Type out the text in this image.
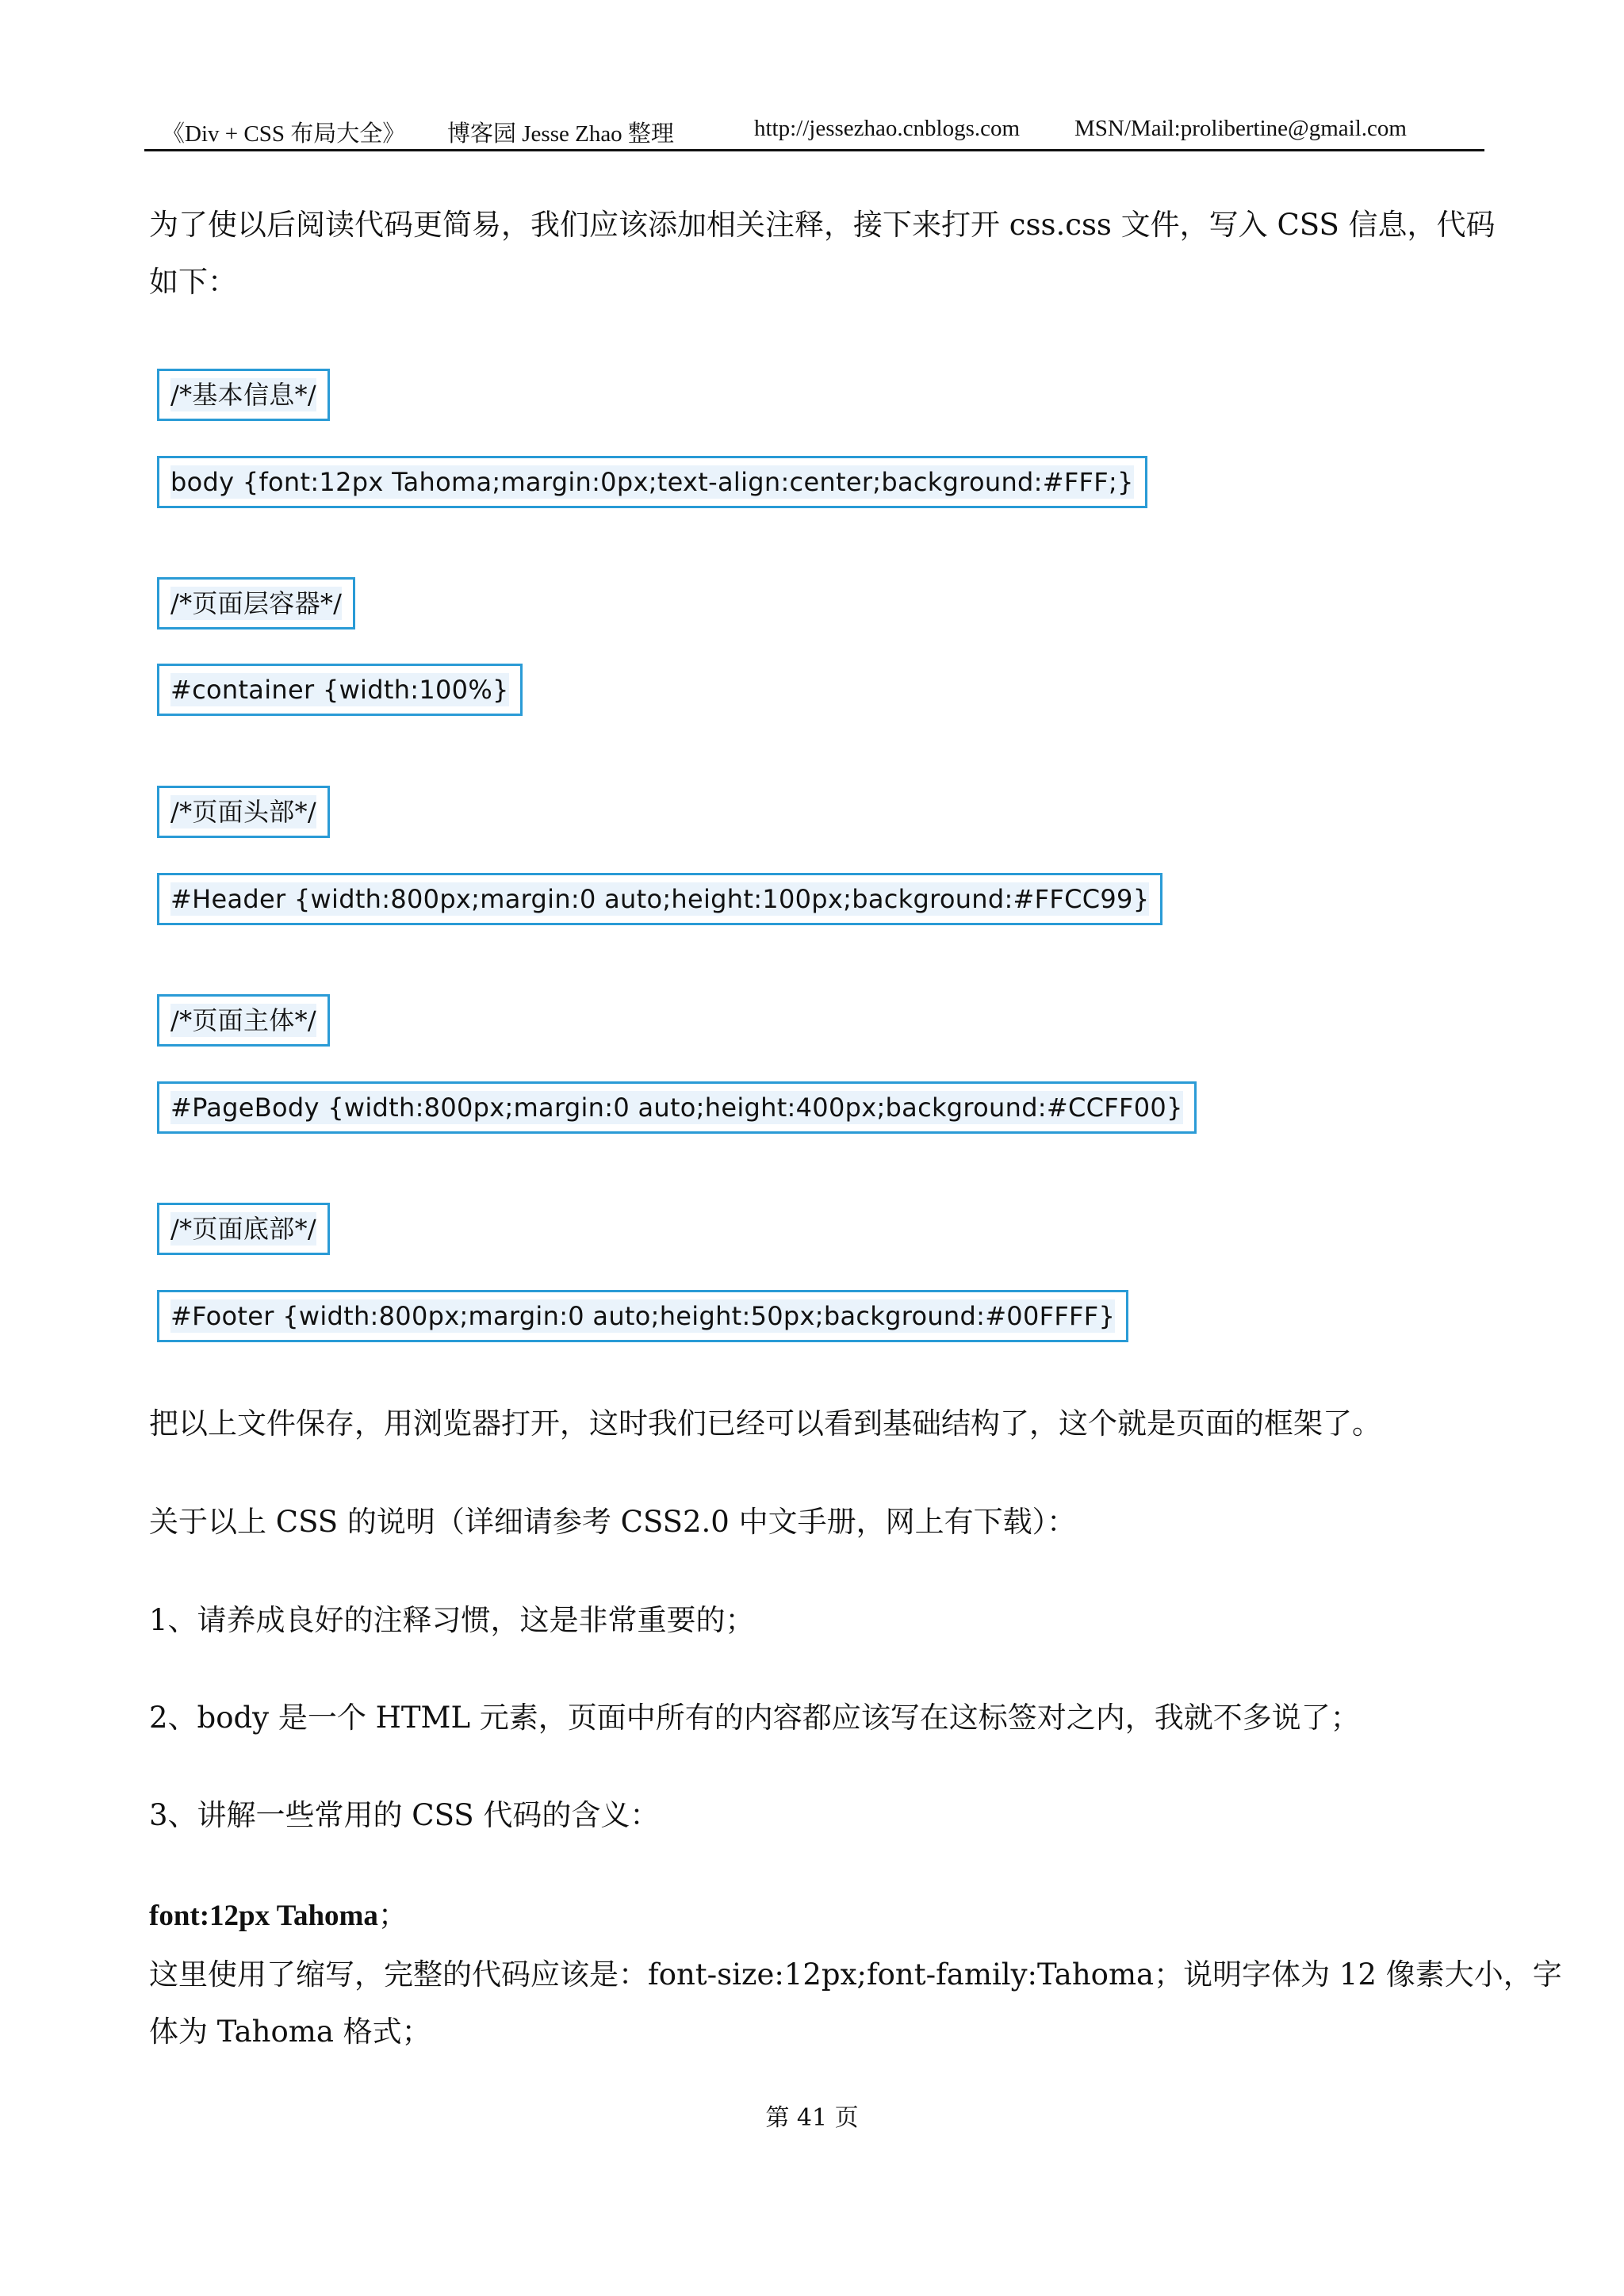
《Div + CSS 布局大全》 博客园 Jesse Zhao 整理	http://jessezhao.cnblogs.com MSN/Mail:prolibertine@gmail.com
为了使以后阅读代码更简易，我们应该添加相关注释，接下来打开 css.css 文件，写入 CSS 信息，代码
如下：
/*基本信息*/
body {font:12px Tahoma;margin:0px;text-align:center;background:#FFF;}
/*页面层容器*/
#container {width:100%}
/*页面头部*/
#Header {width:800px;margin:0 auto;height:100px;background:#FFCC99}
/*页面主体*/
#PageBody {width:800px;margin:0 auto;height:400px;background:#CCFF00}
/*页面底部*/
#Footer {width:800px;margin:0 auto;height:50px;background:#00FFFF}
把以上文件保存，用浏览器打开，这时我们已经可以看到基础结构了，这个就是页面的框架了。
关于以上 CSS 的说明（详细请参考 CSS2.0 中文手册，网上有下载）：
1、请养成良好的注释习惯，这是非常重要的；
2、body 是一个 HTML 元素，页面中所有的内容都应该写在这标签对之内，我就不多说了；
3、讲解一些常用的 CSS 代码的含义：
font:12px Tahoma；
这里使用了缩写，完整的代码应该是：font-size:12px;font-family:Tahoma；说明字体为 12 像素大小，字
体为 Tahoma 格式；
第 41 页
